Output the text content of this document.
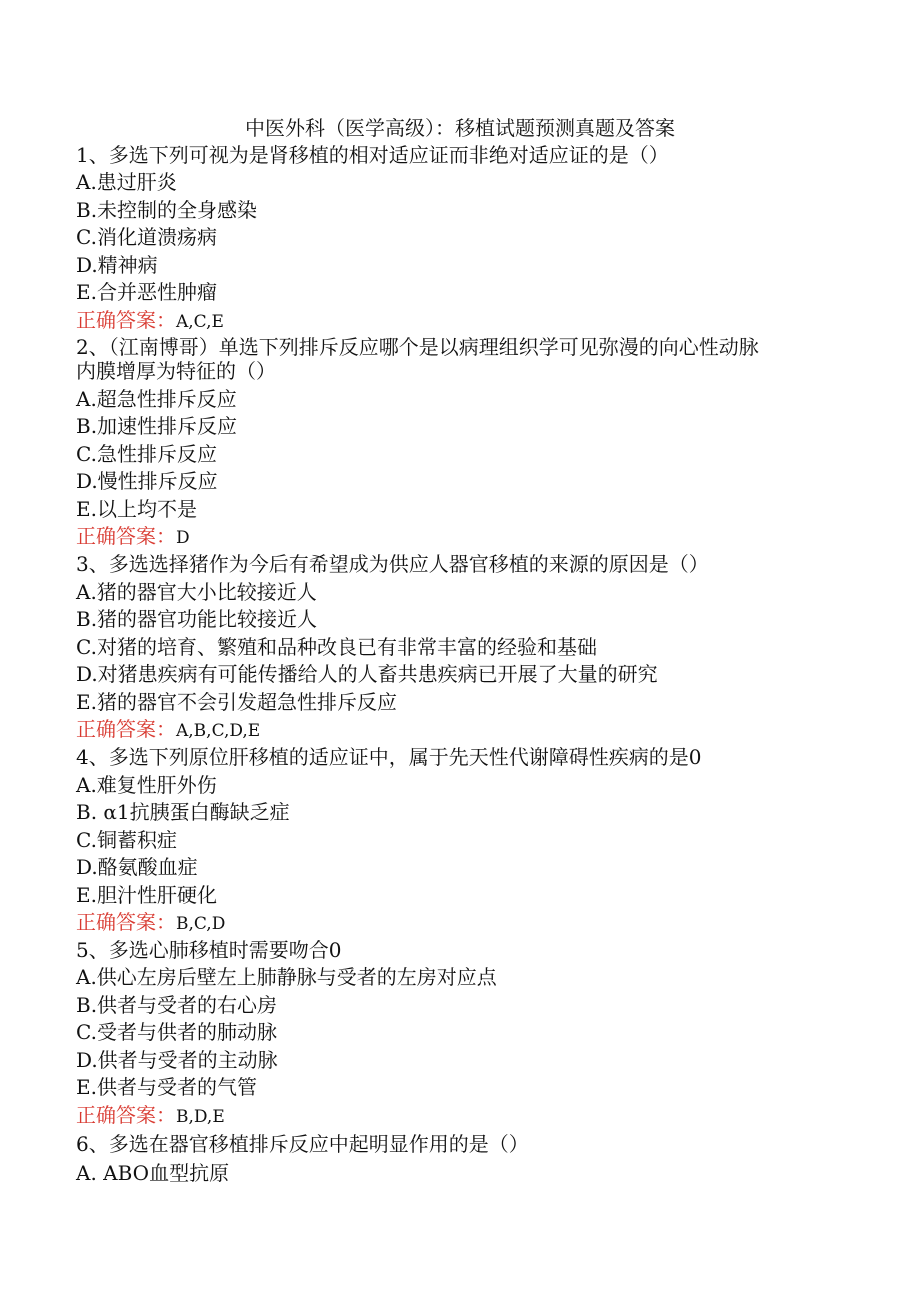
中医外科（医学高级）：移植试题预测真题及答案
1、多选下列可视为是肾移植的相对适应证而非绝对适应证的是（）
A.患过肝炎
B.未控制的全身感染
C.消化道溃疡病
D.精神病
E.合并恶性肿瘤
正确答案：A,C,E
2、（江南博哥）单选下列排斥反应哪个是以病理组织学可见弥漫的向心性动脉
内膜增厚为特征的（）
A.超急性排斥反应
B.加速性排斥反应
C.急性排斥反应
D.慢性排斥反应
E.以上均不是
正确答案：D
3、多选选择猪作为今后有希望成为供应人器官移植的来源的原因是（）
A.猪的器官大小比较接近人
B.猪的器官功能比较接近人
C.对猪的培育、繁殖和品种改良已有非常丰富的经验和基础
D.对猪患疾病有可能传播给人的人畜共患疾病已开展了大量的研究
E.猪的器官不会引发超急性排斥反应
正确答案：A,B,C,D,E
4、多选下列原位肝移植的适应证中，属于先天性代谢障碍性疾病的是0
A.难复性肝外伤
B. α1抗胰蛋白酶缺乏症
C.铜蓄积症
D.酪氨酸血症
E.胆汁性肝硬化
正确答案：B,C,D
5、多选心肺移植时需要吻合0
A.供心左房后壁左上肺静脉与受者的左房对应点
B.供者与受者的右心房
C.受者与供者的肺动脉
D.供者与受者的主动脉
E.供者与受者的气管
正确答案：B,D,E
6、多选在器官移植排斥反应中起明显作用的是（）
A. ABO血型抗原
